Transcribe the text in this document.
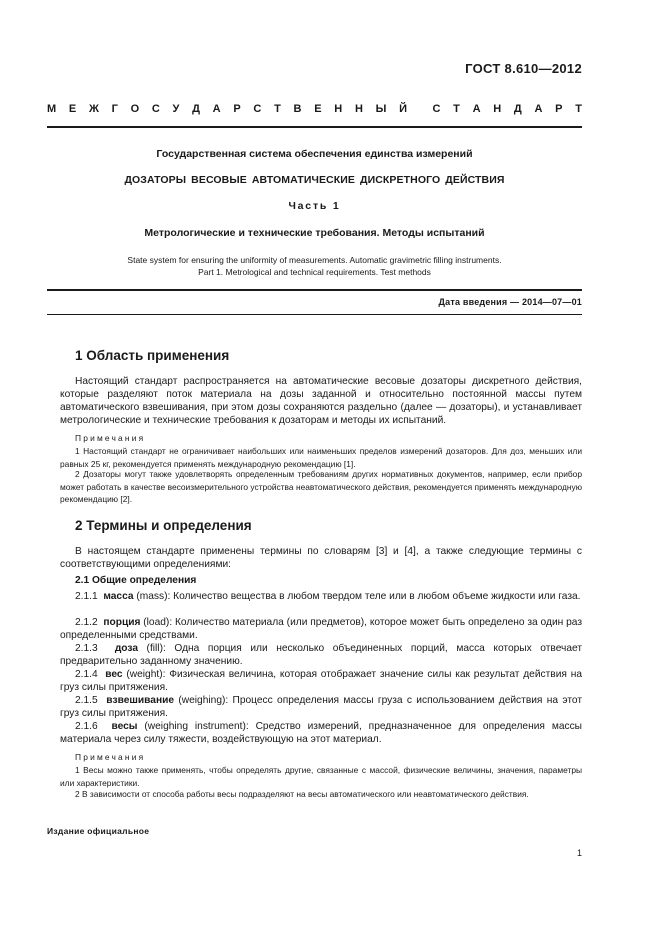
ГОСТ 8.610—2012
М Е Ж Г О С У Д А Р С Т В Е Н Н Ы Й С Т А Н Д А Р Т
Государственная система обеспечения единства измерений
ДОЗАТОРЫ ВЕСОВЫЕ АВТОМАТИЧЕСКИЕ ДИСКРЕТНОГО ДЕЙСТВИЯ
Часть 1
Метрологические и технические требования. Методы испытаний
State system for ensuring the uniformity of measurements. Automatic gravimetric filling instruments.
Part 1. Metrological and technical requirements. Test methods
Дата введения — 2014—07—01
1 Область применения
Настоящий стандарт распространяется на автоматические весовые дозаторы дискретного действия, которые разделяют поток материала на дозы заданной и относительно постоянной массы путем автоматического взвешивания, при этом дозы сохраняются раздельно (далее — дозаторы), и устанавливает метрологические и технические требования к дозаторам и методы их испытаний.
Примечания
1 Настоящий стандарт не ограничивает наибольших или наименьших пределов измерений дозаторов. Для доз, меньших или равных 25 кг, рекомендуется применять международную рекомендацию [1].
2 Дозаторы могут также удовлетворять определенным требованиям других нормативных документов, например, если прибор может работать в качестве весоизмерительного устройства неавтоматического действия, рекомендуется применять международную рекомендацию [2].
2 Термины и определения
В настоящем стандарте применены термины по словарям [3] и [4], а также следующие термины с соответствующими определениями:
2.1 Общие определения
2.1.1 масса (mass): Количество вещества в любом твердом теле или в любом объеме жидкости или газа.
2.1.2 порция (load): Количество материала (или предметов), которое может быть определено за один раз определенными средствами.
2.1.3 доза (fill): Одна порция или несколько объединенных порций, масса которых отвечает предварительно заданному значению.
2.1.4 вес (weight): Физическая величина, которая отображает значение силы как результат действия на груз силы притяжения.
2.1.5 взвешивание (weighing): Процесс определения массы груза с использованием действия на этот груз силы притяжения.
2.1.6 весы (weighing instrument): Средство измерений, предназначенное для определения массы материала через силу тяжести, воздействующую на этот материал.
Примечания
1 Весы можно также применять, чтобы определять другие, связанные с массой, физические величины, значения, параметры или характеристики.
2 В зависимости от способа работы весы подразделяют на весы автоматического или неавтоматического действия.
Издание официальное
1
